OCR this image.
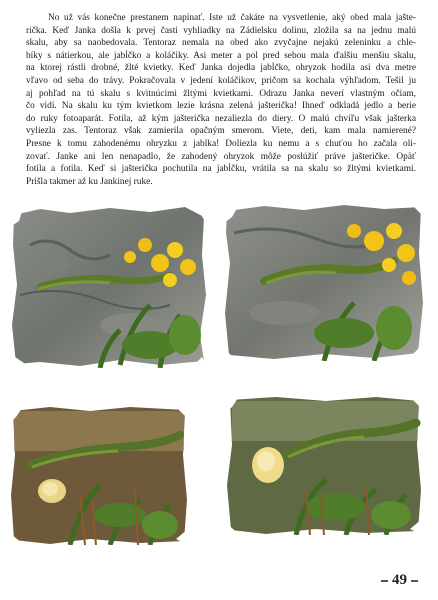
No už vás konečne prestanem napínať. Iste už čakáte na vysvetlenie, aký obed mala jašte-
rička. Keď Janka došla k prvej časti vyhliadky na Zádielsku dolinu, zložila sa na jednu malú
skalu, aby sa naobedovala. Tentoraz nemala na obed ako zvyčajne nejakú zeleninku a chle-
bíky s nátierkou, ale jabĺčko a koláčiky. Asi meter a pol pred sebou mala ďalšiu menšiu skalu,
na ktorej rástli drobné, žlté kvietky. Keď Janka dojedla jabĺčko, ohryzok hodila asi dva metre
vľavo od seba do trávy. Pokračovala v jedení koláčikov, pričom sa kochala výhľadom. Tešil ju
aj pohľad na tú skalu s kvitnúcimi žltými kvietkami. Odrazu Janka neverí vlastným očiam,
čo vidí. Na skalu ku tým kvietkom lezie krásna zelená jašterička! Ihneď odkladá jedlo a berie
do ruky fotoaparát. Fotila, až kým jašterička nezaliezla do diery. O malú chvíľu však jašterka
vyliezla zas. Tentoraz však zamierila opačným smerom. Viete, deti, kam mala namierené?
Presne k tomu zahodenému ohryzku z jablka! Doliezla ku nemu a s chuťou ho začala oli-
zovať. Janke ani len nenapadlo, že zahodený ohryzok môže poslúžiť práve jašteričke. Opäť
fotila a fotila. Keď si jašterička pochutila na jabĺčku, vrátila sa na skalu so žltými kvietkami.
Prišla takmer až ku Jankinej ruke.
49
